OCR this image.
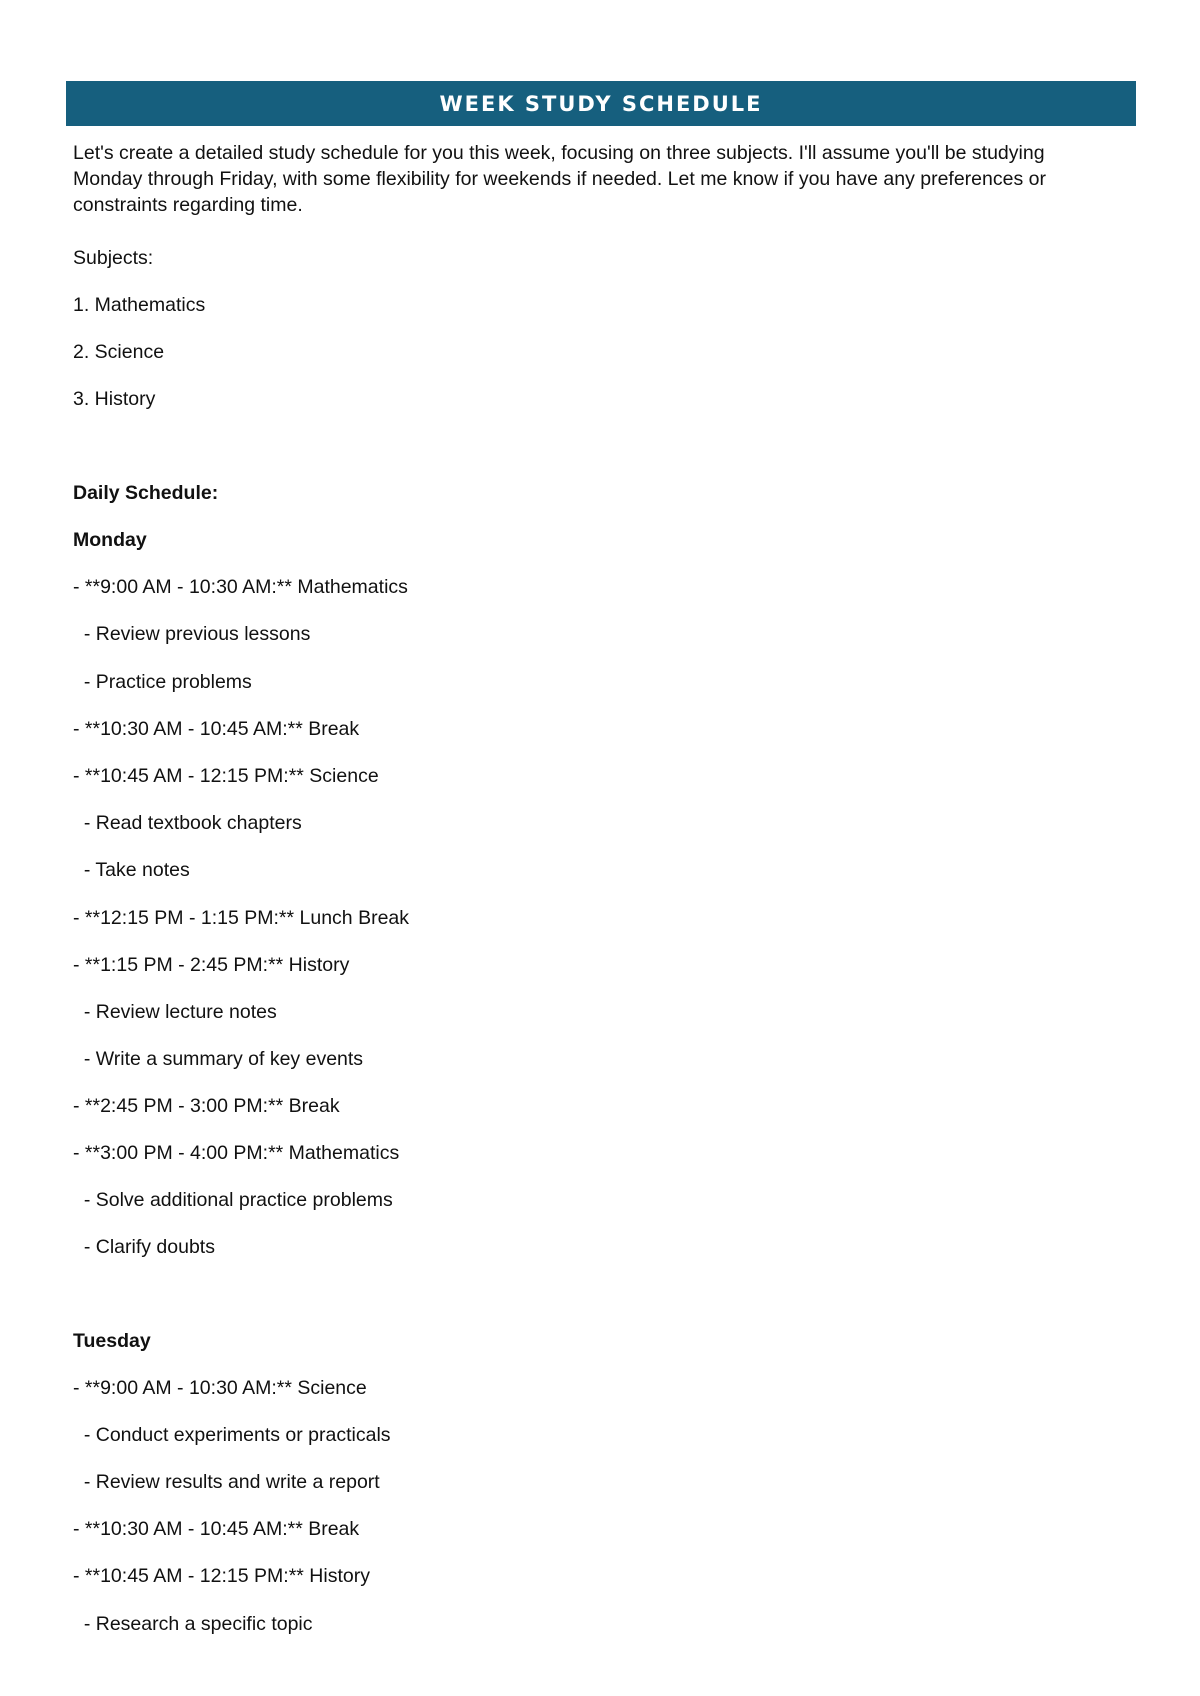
WEEK STUDY SCHEDULE

Let's create a detailed study schedule for you this week, focusing on three subjects. I'll assume you'll be studying Monday through Friday, with some flexibility for weekends if needed. Let me know if you have any preferences or constraints regarding time.

Subjects:

1. Mathematics

2. Science

3. History

Daily Schedule:

Monday

- **9:00 AM - 10:30 AM:** Mathematics

- Review previous lessons

- Practice problems

- **10:30 AM - 10:45 AM:** Break

- **10:45 AM - 12:15 PM:** Science

- Read textbook chapters

- Take notes

- **12:15 PM - 1:15 PM:** Lunch Break

- **1:15 PM - 2:45 PM:** History

- Review lecture notes

- Write a summary of key events

- **2:45 PM - 3:00 PM:** Break

- **3:00 PM - 4:00 PM:** Mathematics

- Solve additional practice problems

- Clarify doubts

Tuesday

- **9:00 AM - 10:30 AM:** Science

- Conduct experiments or practicals

- Review results and write a report

- **10:30 AM - 10:45 AM:** Break

- **10:45 AM - 12:15 PM:** History

- Research a specific topic
